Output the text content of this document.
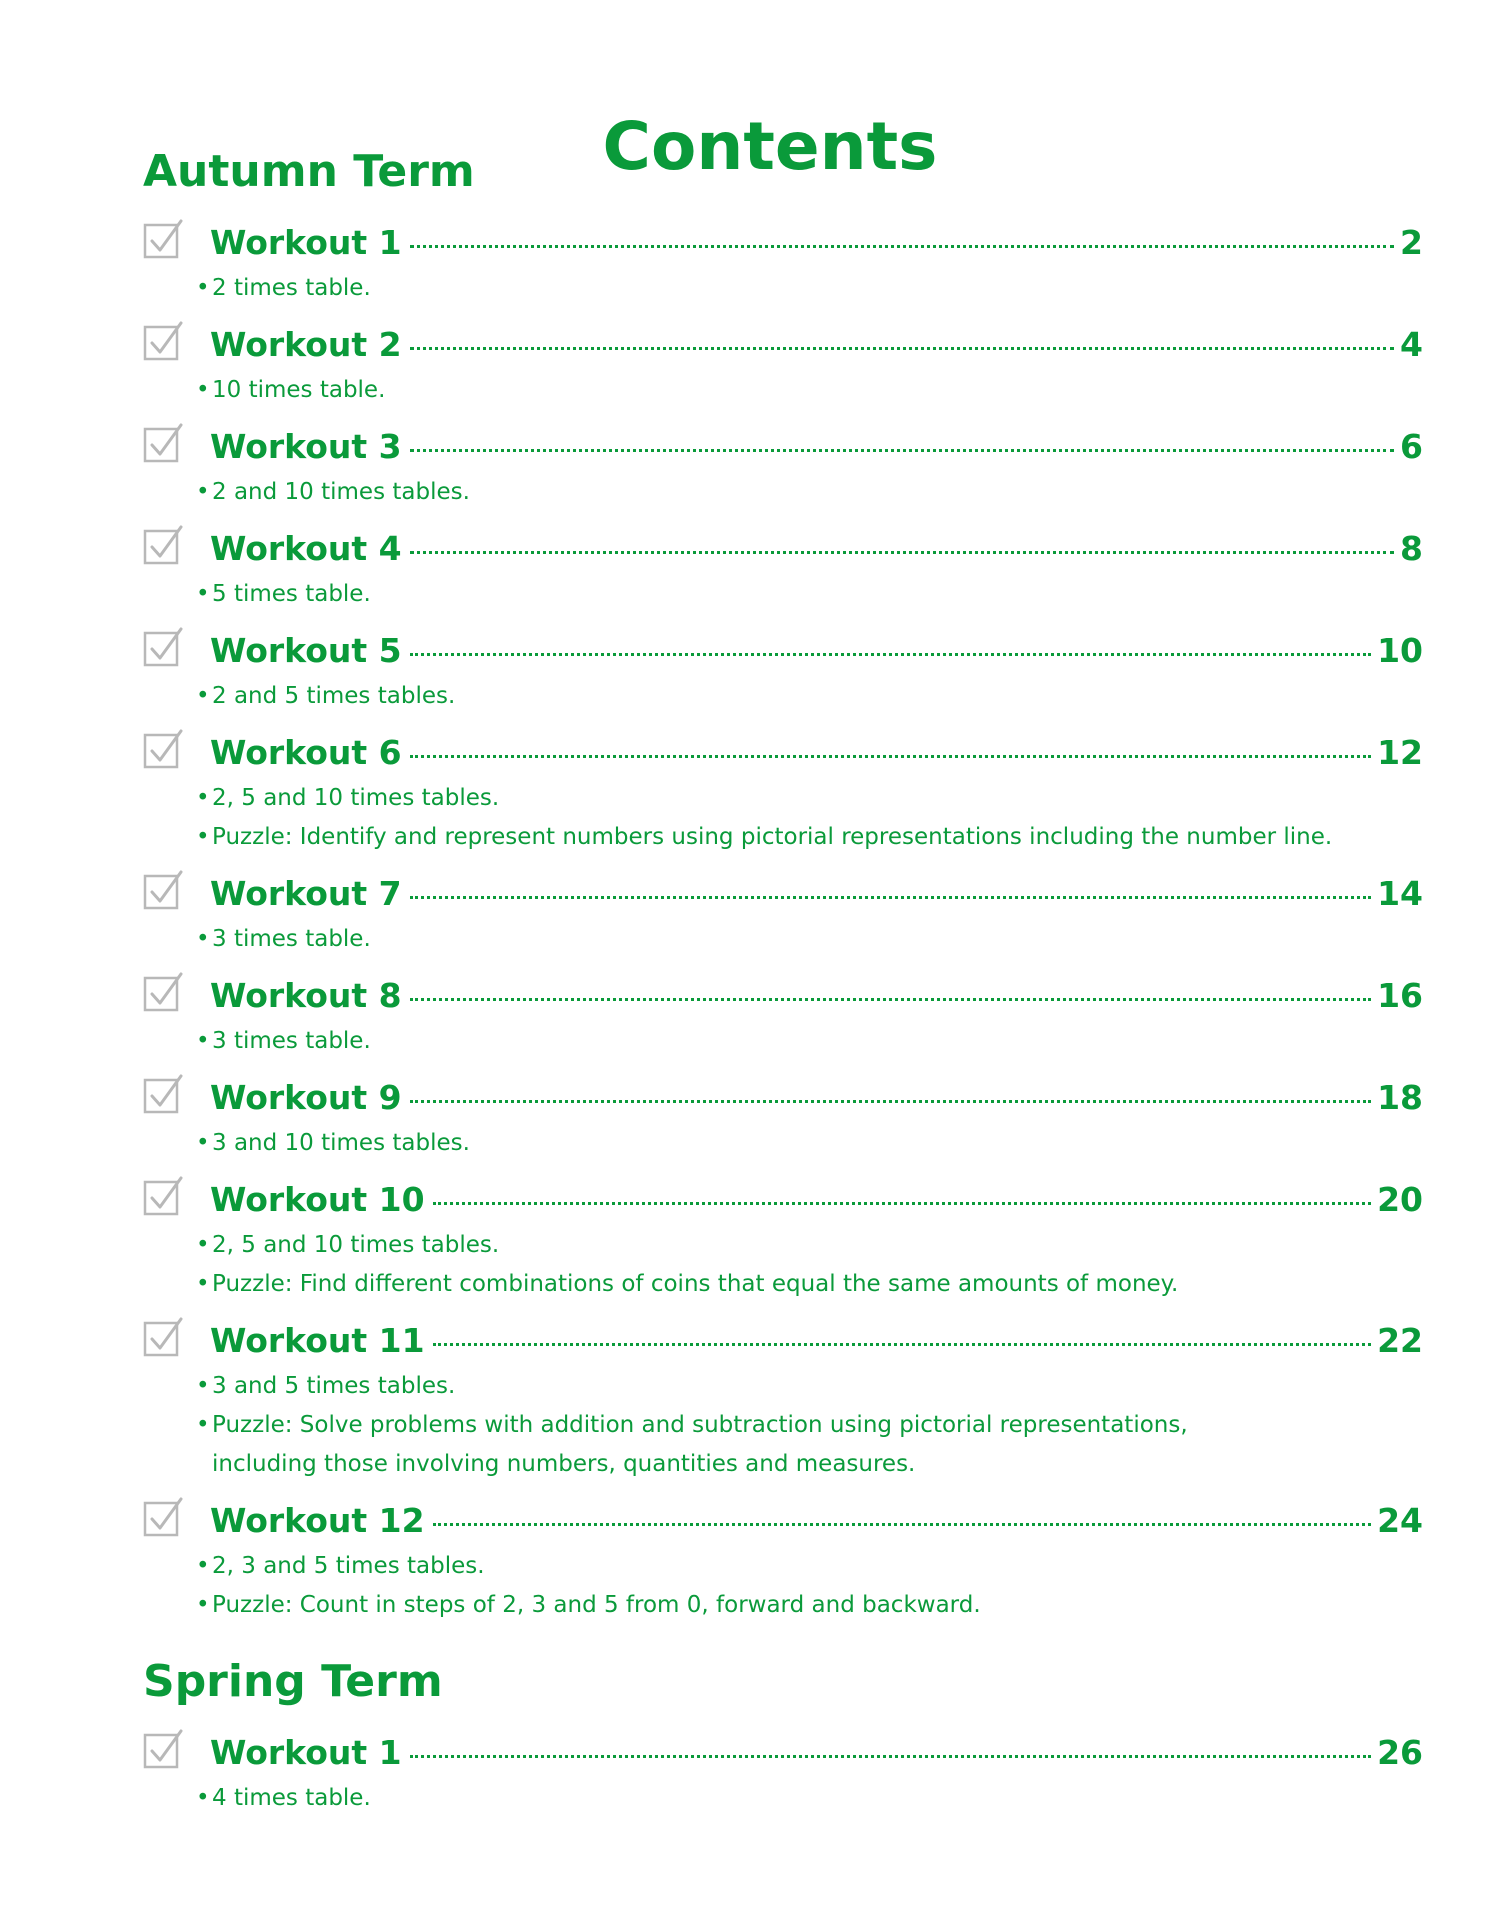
Contents
Autumn Term
Workout 1	2
• 2 times table.
Workout 2	4
• 10 times table.
Workout 3	6
• 2 and 10 times tables.
Workout 4	8
• 5 times table.
Workout 5	10
• 2 and 5 times tables.
Workout 6	12
• 2, 5 and 10 times tables.
• Puzzle: Identify and represent numbers using pictorial representations including the number line.
Workout 7	14
• 3 times table.
Workout 8	16
• 3 times table.
Workout 9	18
• 3 and 10 times tables.
Workout 10	20
• 2, 5 and 10 times tables.
• Puzzle: Find different combinations of coins that equal the same amounts of money.
Workout 11	22
• 3 and 5 times tables.
• Puzzle: Solve problems with addition and subtraction using pictorial representations,
including those involving numbers, quantities and measures.
Workout 12	24
• 2, 3 and 5 times tables.
• Puzzle: Count in steps of 2, 3 and 5 from 0, forward and backward.
Spring Term
Workout 1	26
• 4 times table.
